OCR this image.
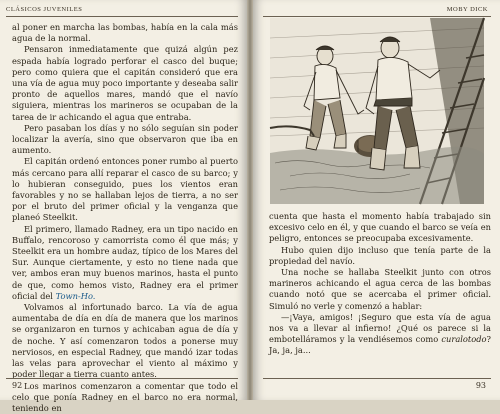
CLÁSICOS JUVENILES

al poner en marcha las bombas, había en la cala más agua de la normal.

Pensaron inmediatamente que quizá algún pez espada había logrado perforar el casco del buque; pero como quiera que el capitán consideró que era una vía de agua muy poco importante y deseaba salir pronto de aquellos mares, mandó que el navío siguiera, mientras los marineros se ocupaban de la tarea de ir achicando el agua que entraba.

Pero pasaban los días y no sólo seguían sin poder localizar la avería, sino que observaron que iba en aumento.

El capitán ordenó entonces poner rumbo al puerto más cercano para allí reparar el casco de su barco; y lo hubieran conseguido, pues los vientos eran favorables y no se hallaban lejos de tierra, a no ser por el bruto del primer oficial y la venganza que planeó Steelkit.

El primero, llamado Radney, era un tipo nacido en Buffalo, rencoroso y camorrista como él que más; y Steelkit era un hombre audaz, típico de los Mares del Sur. Aunque ciertamente, y esto no tiene nada que ver, ambos eran muy buenos marinos, hasta el punto de que, como hemos visto, Radney era el primer oficial del Town-Ho.

Volvamos al infortunado barco. La vía de agua aumentaba de día en día de manera que los marinos se organizaron en turnos y achicaban agua de día y de noche. Y así comenzaron todos a ponerse muy nerviosos, en especial Radney, que mandó izar todas las velas para aprovechar el viento al máximo y poder llegar a tierra cuanto antes.

Los marinos comenzaron a comentar que todo el celo que ponía Radney en el barco no era normal, teniendo en

92
MOBY DICK

cuenta que hasta el momento había trabajado sin excesivo celo en él, y que cuando el barco se veía en peligro, entonces se preocupaba excesivamente.

Hubo quien dijo incluso que tenía parte de la propiedad del navío.

Una noche se hallaba Steelkit junto con otros marineros achicando el agua cerca de las bombas cuando notó que se acercaba el primer oficial. Simuló no verle y comenzó a hablar:

—¡Vaya, amigos! ¡Seguro que esta vía de agua nos va a llevar al infierno! ¿Qué os parece si la embotelláramos y la vendiésemos como curalotodo? Ja, ja, ja...

93
